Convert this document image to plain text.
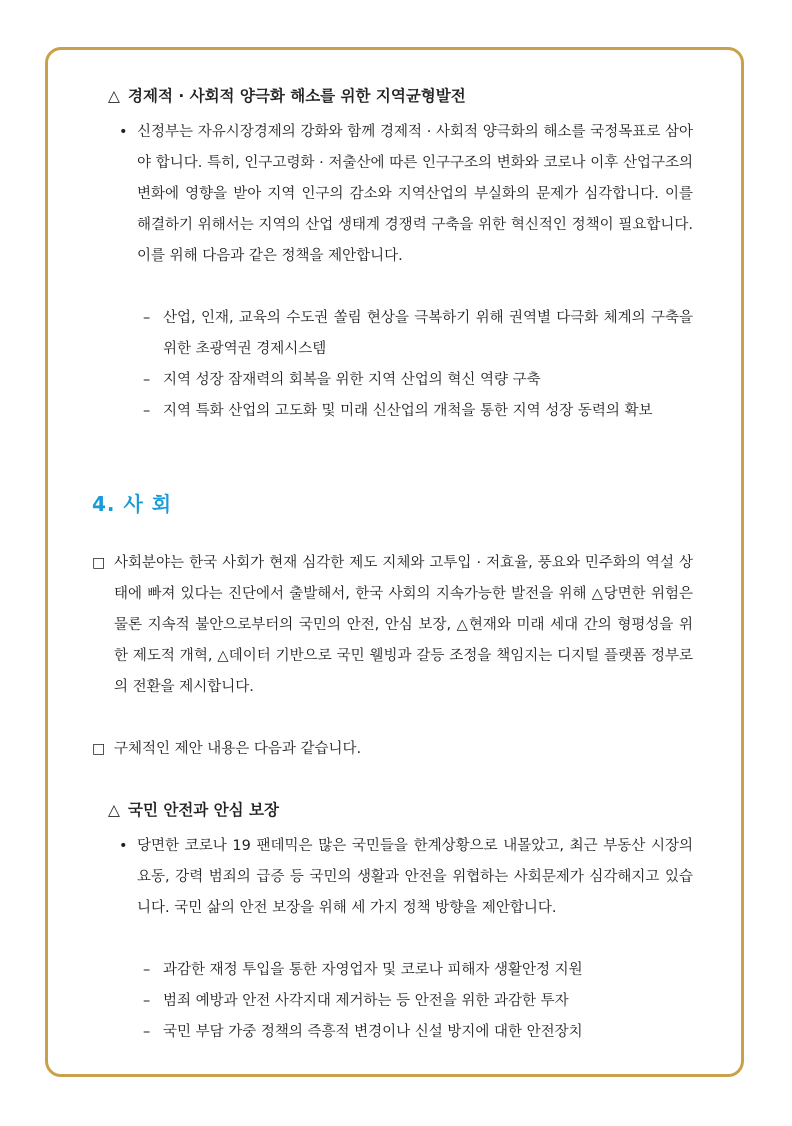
△ 경제적 · 사회적 양극화 해소를 위한 지역균형발전
• 신정부는 자유시장경제의 강화와 함께 경제적 · 사회적 양극화의 해소를 국정목표로 삼아야 합니다. 특히, 인구고령화 · 저출산에 따른 인구구조의 변화와 코로나 이후 산업구조의 변화에 영향을 받아 지역 인구의 감소와 지역산업의 부실화의 문제가 심각합니다. 이를 해결하기 위해서는 지역의 산업 생태계 경쟁력 구축을 위한 혁신적인 정책이 필요합니다. 이를 위해 다음과 같은 정책을 제안합니다.
– 산업, 인재, 교육의 수도권 쏠림 현상을 극복하기 위해 권역별 다극화 체계의 구축을 위한 초광역권 경제시스템
– 지역 성장 잠재력의 회복을 위한 지역 산업의 혁신 역량 구축
– 지역 특화 산업의 고도화 및 미래 신산업의 개척을 통한 지역 성장 동력의 확보
4. 사 회
□ 사회분야는 한국 사회가 현재 심각한 제도 지체와 고투입 · 저효율, 풍요와 민주화의 역설 상태에 빠져 있다는 진단에서 출발해서, 한국 사회의 지속가능한 발전을 위해 △당면한 위험은 물론 지속적 불안으로부터의 국민의 안전, 안심 보장, △현재와 미래 세대 간의 형평성을 위한 제도적 개혁, △데이터 기반으로 국민 웰빙과 갈등 조정을 책임지는 디지털 플랫폼 정부로의 전환을 제시합니다.
□ 구체적인 제안 내용은 다음과 같습니다.
△ 국민 안전과 안심 보장
• 당면한 코로나 19 팬데믹은 많은 국민들을 한계상황으로 내몰았고, 최근 부동산 시장의 요동, 강력 범죄의 급증 등 국민의 생활과 안전을 위협하는 사회문제가 심각해지고 있습니다. 국민 삶의 안전 보장을 위해 세 가지 정책 방향을 제안합니다.
– 과감한 재정 투입을 통한 자영업자 및 코로나 피해자 생활안정 지원
– 범죄 예방과 안전 사각지대 제거하는 등 안전을 위한 과감한 투자
– 국민 부담 가중 정책의 즉흥적 변경이나 신설 방지에 대한 안전장치
